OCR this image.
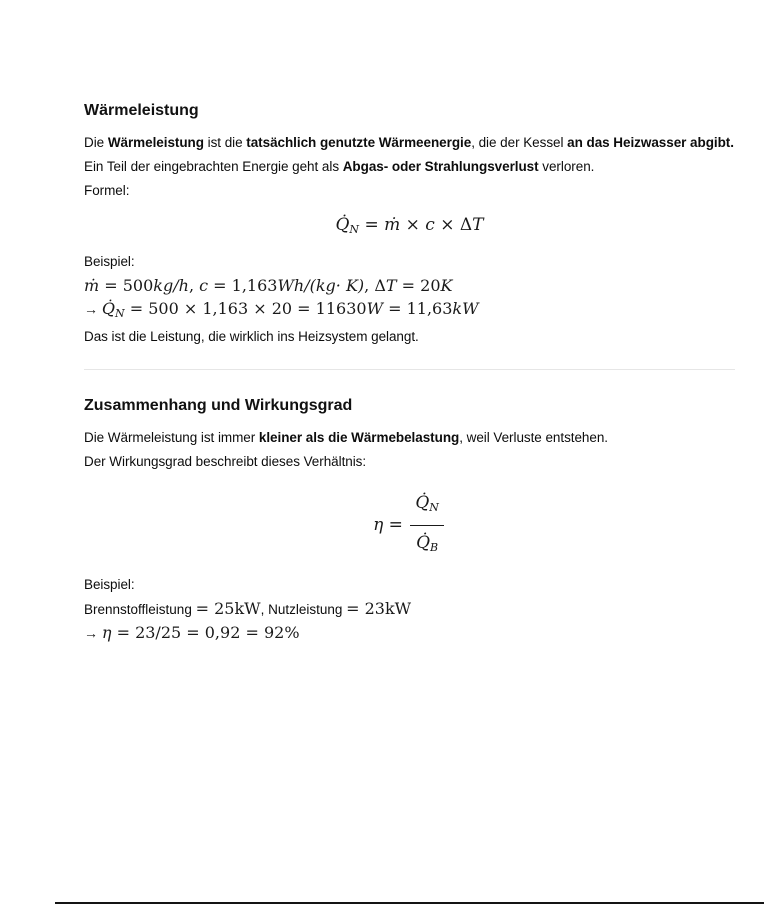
Wärmeleistung

Die Wärmeleistung ist die tatsächlich genutzte Wärmeenergie, die der Kessel an das Heizwasser abgibt.
Ein Teil der eingebrachten Energie geht als Abgas- oder Strahlungsverlust verloren.

Formel:

Q̇N = ṁ × c × ΔT

Beispiel:

ṁ = 500kg/h, c = 1,163Wh/(kg· K), ΔT = 20K
→ Q̇N = 500 × 1,163 × 20 = 11630W = 11,63kW

Das ist die Leistung, die wirklich ins Heizsystem gelangt.

Zusammenhang und Wirkungsgrad

Die Wärmeleistung ist immer kleiner als die Wärmebelastung, weil Verluste entstehen.
Der Wirkungsgrad beschreibt dieses Verhältnis:

$\eta = \frac{Q̇N}{Q̇B}$

Beispiel:

Brennstoffleistung = 25kW, Nutzleistung = 23kW
→ η = 23/25 = 0,92 = 92%
